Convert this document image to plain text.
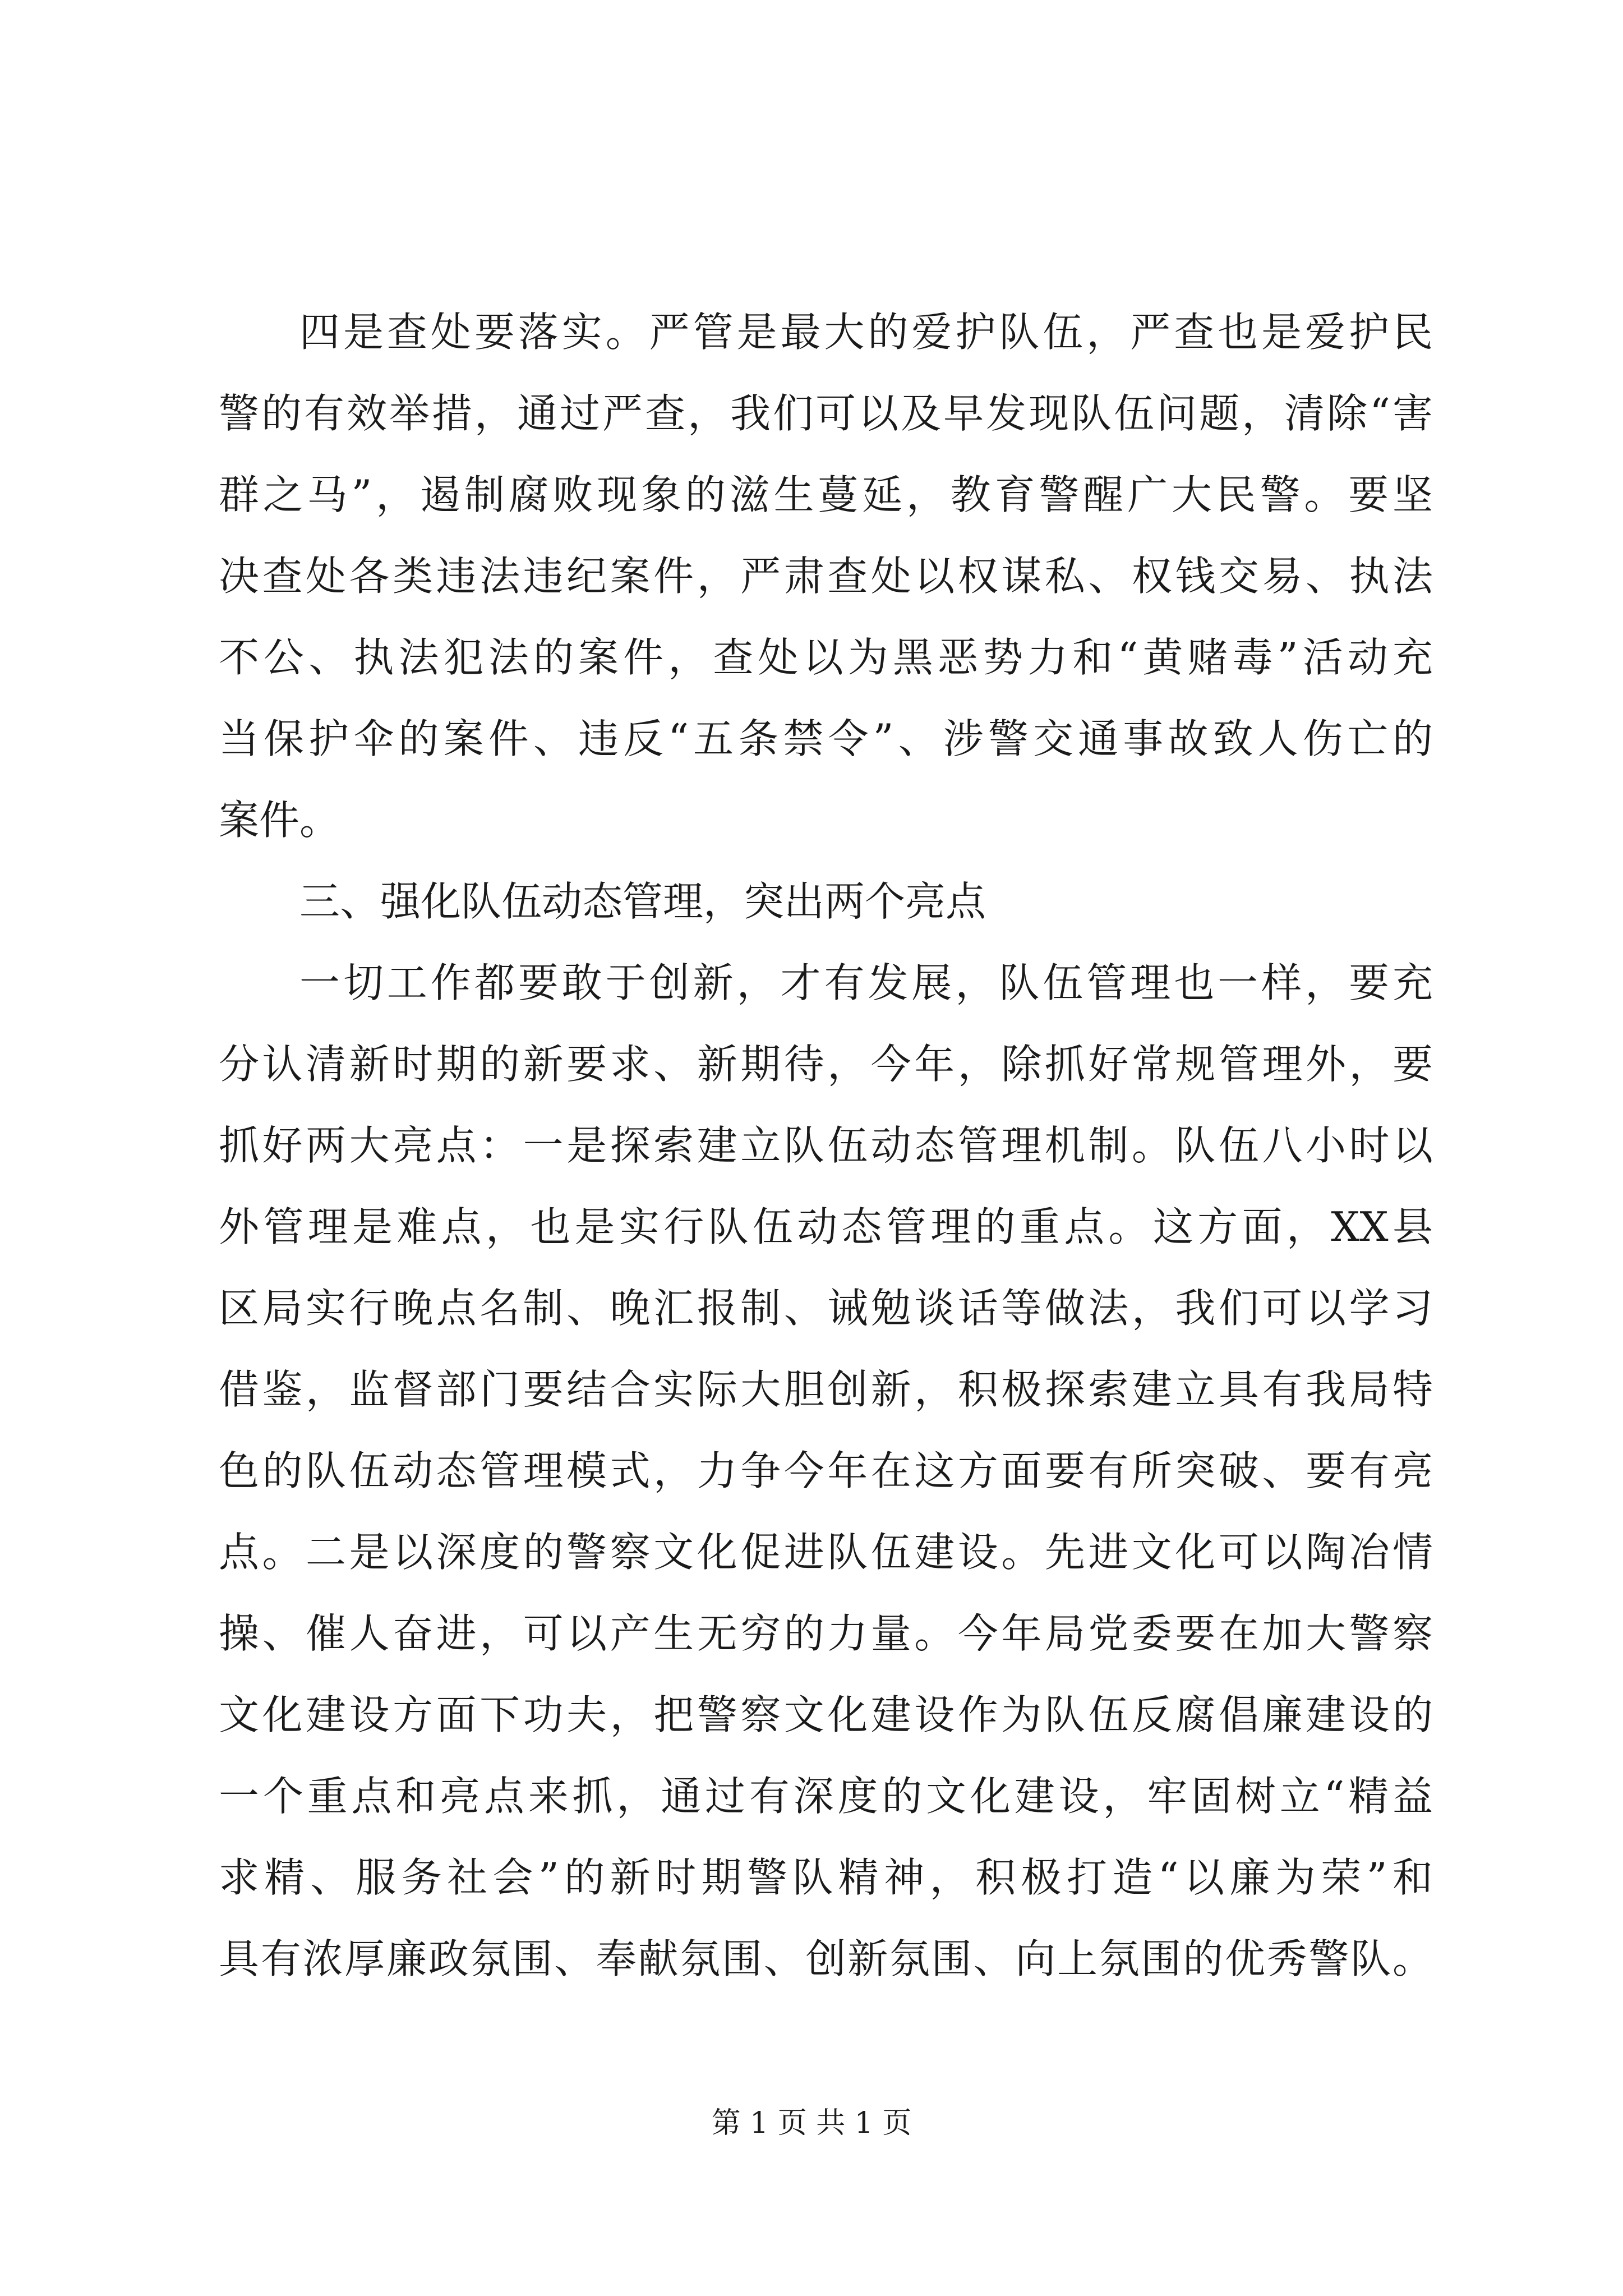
四是查处要落实。严管是最大的爱护队伍，严查也是爱护民
警的有效举措，通过严查，我们可以及早发现队伍问题，清除“害
群之马”，遏制腐败现象的滋生蔓延，教育警醒广大民警。要坚
决查处各类违法违纪案件，严肃查处以权谋私、权钱交易、执法
不公、执法犯法的案件，查处以为黑恶势力和“黄赌毒”活动充
当保护伞的案件、违反“五条禁令”、涉警交通事故致人伤亡的
案件。
三、强化队伍动态管理，突出两个亮点
一切工作都要敢于创新，才有发展，队伍管理也一样，要充
分认清新时期的新要求、新期待，今年，除抓好常规管理外，要
抓好两大亮点：一是探索建立队伍动态管理机制。队伍八小时以
外管理是难点，也是实行队伍动态管理的重点。这方面，XX县
区局实行晚点名制、晚汇报制、诫勉谈话等做法，我们可以学习
借鉴，监督部门要结合实际大胆创新，积极探索建立具有我局特
色的队伍动态管理模式，力争今年在这方面要有所突破、要有亮
点。二是以深度的警察文化促进队伍建设。先进文化可以陶冶情
操、催人奋进，可以产生无穷的力量。今年局党委要在加大警察
文化建设方面下功夫，把警察文化建设作为队伍反腐倡廉建设的
一个重点和亮点来抓，通过有深度的文化建设，牢固树立“精益
求精、服务社会”的新时期警队精神，积极打造“以廉为荣”和
具有浓厚廉政氛围、奉献氛围、创新氛围、向上氛围的优秀警队。
第 1 页 共 1 页
